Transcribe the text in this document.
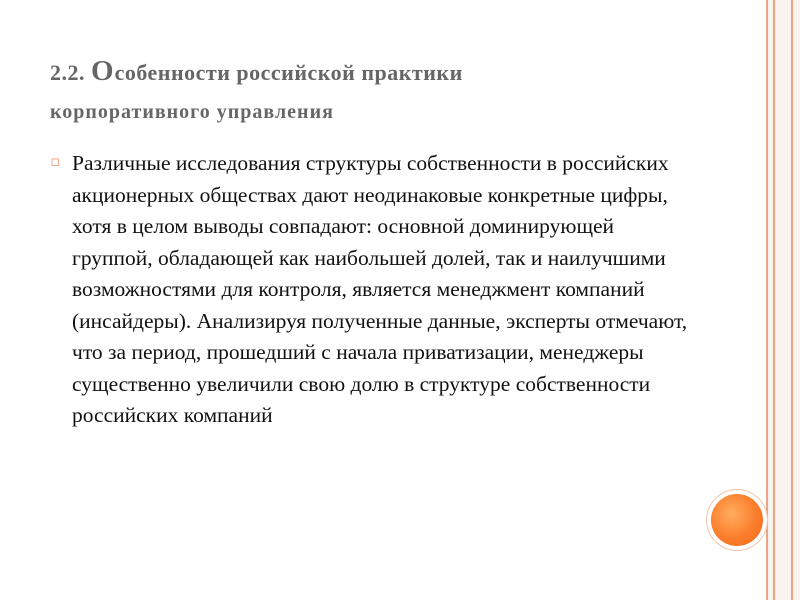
2.2. Особенности российской практики
корпоративного управления
▫ Различные исследования структуры собственности в российских акционерных обществах дают неодинаковые конкретные цифры, хотя в целом выводы совпадают: основной доминирующей группой, обладающей как наибольшей долей, так и наилучшими возможностями для контроля, является менеджмент компаний (инсайдеры). Анализируя полученные данные, эксперты отмечают, что за период, прошедший с начала приватизации, менеджеры существенно увеличили свою долю в структуре собственности российских компаний
